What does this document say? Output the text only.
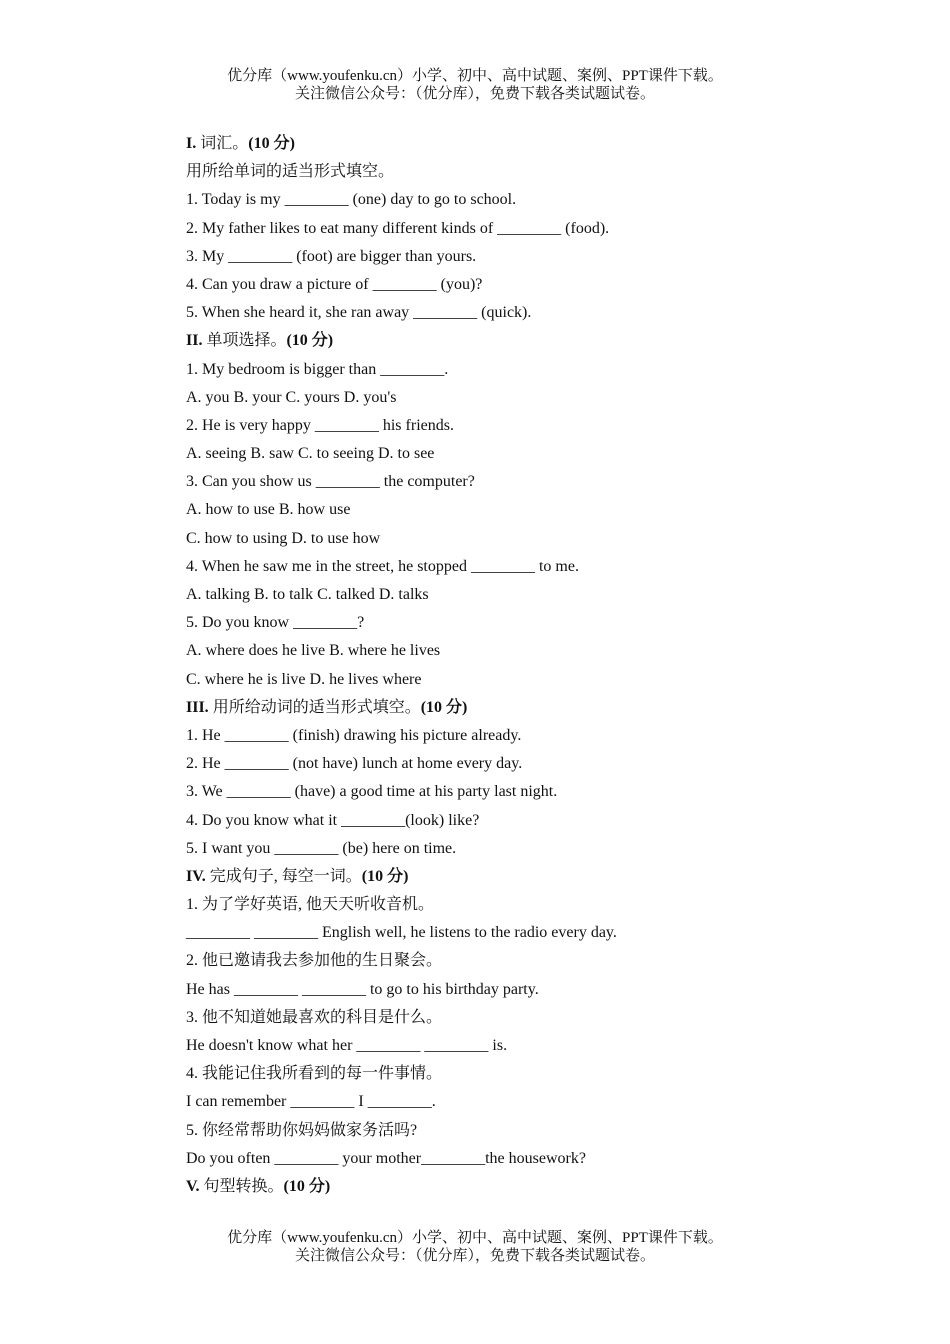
优分库（www.youfenku.cn）小学、初中、高中试题、案例、PPT课件下载。
关注微信公众号：（优分库），免费下载各类试题试卷。
I. 词汇。(10 分)
用所给单词的适当形式填空。
1. Today is my ________ (one) day to go to school.
2. My father likes to eat many different kinds of ________ (food).
3. My ________ (foot) are bigger than yours.
4. Can you draw a picture of ________ (you)?
5. When she heard it, she ran away ________ (quick).
II. 单项选择。(10 分)
1. My bedroom is bigger than ________.
A. you B. your C. yours D. you's
2. He is very happy ________ his friends.
A. seeing B. saw C. to seeing D. to see
3. Can you show us ________ the computer?
A. how to use B. how use
C. how to using D. to use how
4. When he saw me in the street, he stopped ________ to me.
A. talking B. to talk C. talked D. talks
5. Do you know ________?
A. where does he live B. where he lives
C. where he is live D. he lives where
III. 用所给动词的适当形式填空。(10 分)
1. He ________ (finish) drawing his picture already.
2. He ________ (not have) lunch at home every day.
3. We ________ (have) a good time at his party last night.
4. Do you know what it ________(look) like?
5. I want you ________ (be) here on time.
IV. 完成句子, 每空一词。(10 分)
1. 为了学好英语, 他天天听收音机。
________ ________ English well, he listens to the radio every day.
2. 他已邀请我去参加他的生日聚会。
He has ________ ________ to go to his birthday party.
3. 他不知道她最喜欢的科目是什么。
He doesn't know what her ________ ________ is.
4. 我能记住我所看到的每一件事情。
I can remember ________ I ________.
5. 你经常帮助你妈妈做家务活吗?
Do you often ________ your mother________the housework?
V. 句型转换。(10 分)
优分库（www.youfenku.cn）小学、初中、高中试题、案例、PPT课件下载。
关注微信公众号：（优分库），免费下载各类试题试卷。
